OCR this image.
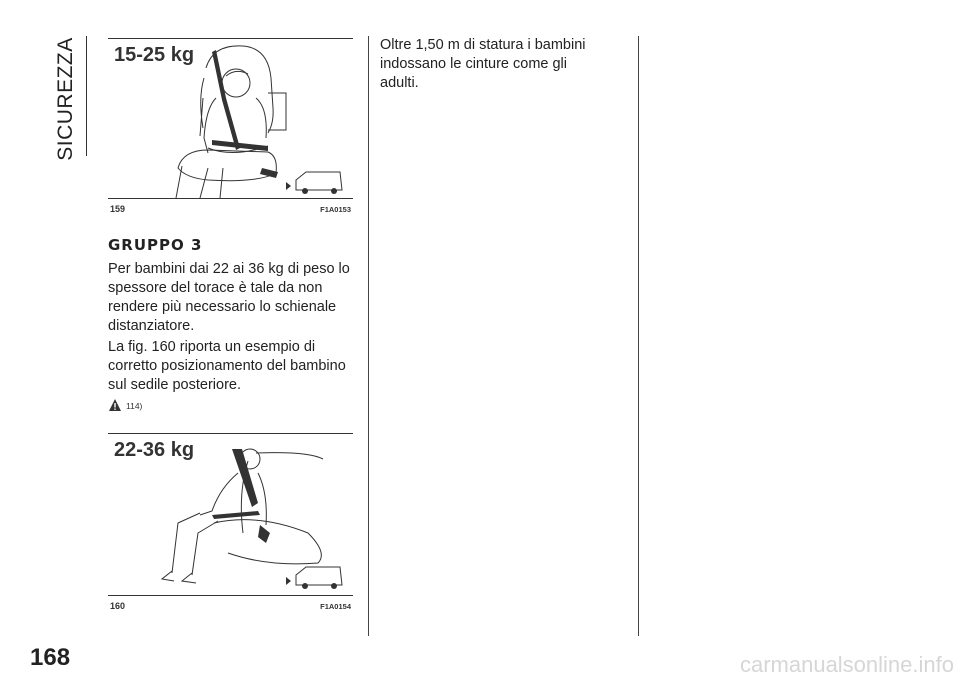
SICUREZZA 15-25 kg
159	F1A0153
GRUPPO 3
Per bambini dai 22 ai 36 kg di peso lo spessore del torace è tale da non rendere più necessario lo schienale distanziatore.
La fig. 160 riporta un esempio di corretto posizionamento del bambino sul sedile posteriore.
114)
22-36 kg
160	F1A0154
Oltre 1,50 m di statura i bambini indossano le cinture come gli adulti.
168	carmanualsonline.info
